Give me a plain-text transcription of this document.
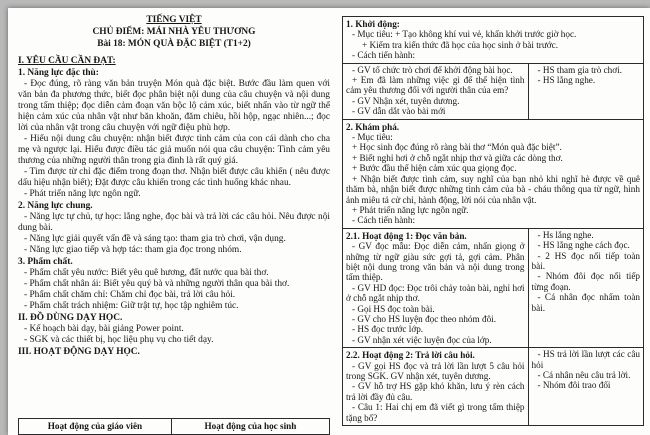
TIẾNG VIỆT
CHỦ ĐIỂM: MÁI NHÀ YÊU THƯƠNG
Bài 18: MÓN QUÀ ĐẶC BIỆT (T1+2)
I. YÊU CẦU CẦN ĐẠT:
1. Năng lực đặc thù:
- Đọc đúng, rõ ràng văn bản truyện Món quà đặc biệt. Bước đầu làm quen với văn bản đa phương thức, biết đọc phân biệt nội dung của câu chuyện và nội dung trong tấm thiệp; đọc diễn cảm đoạn văn bộc lộ cảm xúc, biết nhấn vào từ ngữ thể hiện cảm xúc của nhân vật như băn khoăn, đăm chiêu, hồi hộp, ngạc nhiên...; đọc lời của nhân vật trong câu chuyện với ngữ điệu phù hợp.
- Hiểu nội dung câu chuyện: nhận biết được tình cảm của con cái dành cho cha mẹ và ngược lại. Hiểu được điều tác giả muốn nói qua câu chuyện: Tình cảm yêu thương của những người thân trong gia đình là rất quý giá.
- Tìm được từ chỉ đặc điểm trong đoạn thơ. Nhận biết được câu khiến ( nêu được dấu hiệu nhận biết); Đặt được câu khiến trong các tình huống khác nhau.
- Phát triển năng lực ngôn ngữ.
2. Năng lực chung.
- Năng lực tự chủ, tự học: lắng nghe, đọc bài và trả lời các câu hỏi. Nêu được nội dung bài.
- Năng lực giải quyết vấn đề và sáng tạo: tham gia trò chơi, vận dụng.
- Năng lực giao tiếp và hợp tác: tham gia đọc trong nhóm.
3. Phẩm chất.
- Phẩm chất yêu nước: Biết yêu quê hương, đất nước qua bài thơ.
- Phẩm chất nhân ái: Biết yêu quý bà và những người thân qua bài thơ.
- Phẩm chất chăm chỉ: Chăm chỉ đọc bài, trả lời câu hỏi.
- Phẩm chất trách nhiệm: Giữ trật tự, học tập nghiêm túc.
II. ĐỒ DÙNG DẠY HỌC.
- Kế hoạch bài dạy, bài giảng Power point.
- SGK và các thiết bị, học liệu phụ vụ cho tiết dạy.
III. HOẠT ĐỘNG DẠY HỌC.
Hoạt động của giáo viên	Hoạt động của học sinh
1. Khởi động:
- Mục tiêu: + Tạo không khí vui vẻ, khấn khởi trước giờ học.
+ Kiểm tra kiến thức đã học của học sinh ở bài trước.
- Cách tiến hành:
- GV tổ chức trò chơi để khởi động bài học.
+ Em đã làm những việc gì để thể hiện tình cảm yêu thương đối với người thân của em?
- GV Nhận xét, tuyên dương.
- GV dẫn dắt vào bài mới
- HS tham gia trò chơi.
- HS lắng nghe.
2. Khám phá.
- Mục tiêu:
+ Học sinh đọc đúng rõ ràng bài thơ “Món quà đặc biệt”.
+ Biết nghỉ hơi ở chỗ ngắt nhịp thơ và giữa các dòng thơ.
+ Bước đầu thể hiện cảm xúc qua giọng đọc.
+ Nhận biết được tình cảm, suy nghĩ của bạn nhỏ khi nghĩ hè được về quê thăm bà, nhận biết được những tình cảm của bà - cháu thông qua từ ngữ, hình ảnh miêu tả cử chỉ, hành động, lời nói của nhân vật.
+ Phát triển năng lực ngôn ngữ.
- Cách tiến hành:
2.1. Hoạt động 1: Đọc văn bản.
- GV đọc mẫu: Đọc diễn cảm, nhấn giọng ở những từ ngữ giàu sức gợi tả, gợi cảm. Phân biệt nội dung trong văn bản và nội dung trong tấm thiệp.
- GV HD đọc: Đọc trôi chảy toàn bài, nghỉ hơi ở chỗ ngắt nhịp thơ.
- Gọi HS đọc toàn bài.
- GV cho HS luyện đọc theo nhóm đôi.
- HS đọc trước lớp.
- GV nhận xét việc luyện đọc của lớp.
- Hs lắng nghe.
- HS lắng nghe cách đọc.
- 2 HS đọc nối tiếp toàn bài.
- Nhóm đôi đọc nối tiếp từng đoạn.
- Cá nhân đọc nhẩm toàn bài.
2.2. Hoạt động 2: Trả lời câu hỏi.
- GV gọi HS đọc và trả lời lần lượt 5 câu hỏi trong SGK. GV nhận xét, tuyên dương.
- GV hỗ trợ HS gặp khó khăn, lưu ý rèn cách trả lời đầy đủ câu.
- Câu 1: Hai chị em đã viết gì trong tấm thiệp tặng bố?
- HS trả lời lần lượt các câu hỏi
- Cá nhân nêu câu trả lời.
- Nhóm đôi trao đổi
